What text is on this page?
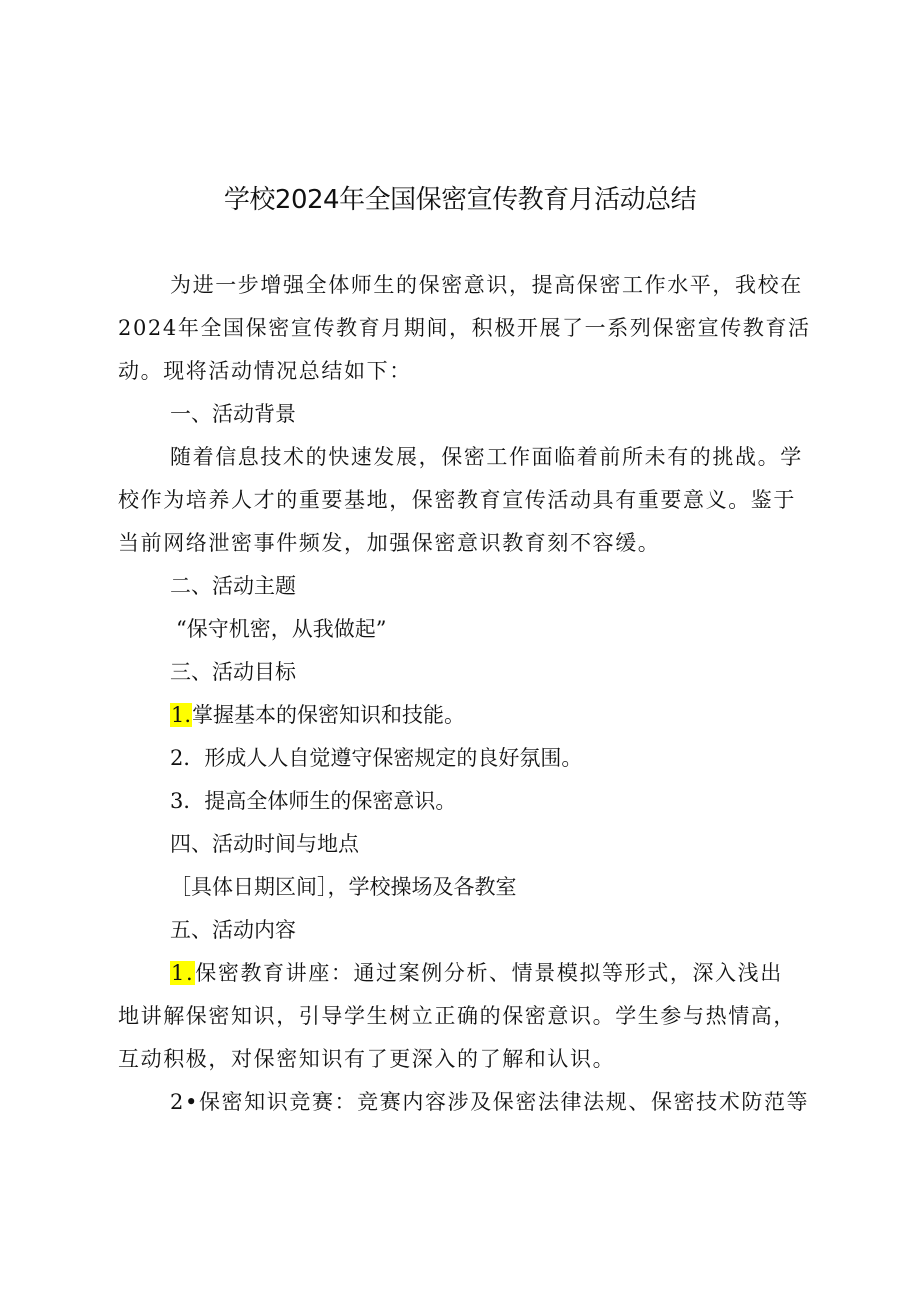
学校2024年全国保密宣传教育月活动总结
为进一步增强全体师生的保密意识，提高保密工作水平，我校在
2024年全国保密宣传教育月期间，积极开展了一系列保密宣传教育活
动。现将活动情况总结如下：
一、活动背景
随着信息技术的快速发展，保密工作面临着前所未有的挑战。学
校作为培养人才的重要基地，保密教育宣传活动具有重要意义。鉴于
当前网络泄密事件频发，加强保密意识教育刻不容缓。
二、活动主题
“保守机密，从我做起”
三、活动目标
1.掌握基本的保密知识和技能。
2．形成人人自觉遵守保密规定的良好氛围。
3．提高全体师生的保密意识。
四、活动时间与地点
［具体日期区间］，学校操场及各教室
五、活动内容
1.保密教育讲座：通过案例分析、情景模拟等形式，深入浅出
地讲解保密知识，引导学生树立正确的保密意识。学生参与热情高，
互动积极，对保密知识有了更深入的了解和认识。
2•保密知识竞赛：竞赛内容涉及保密法律法规、保密技术防范等
